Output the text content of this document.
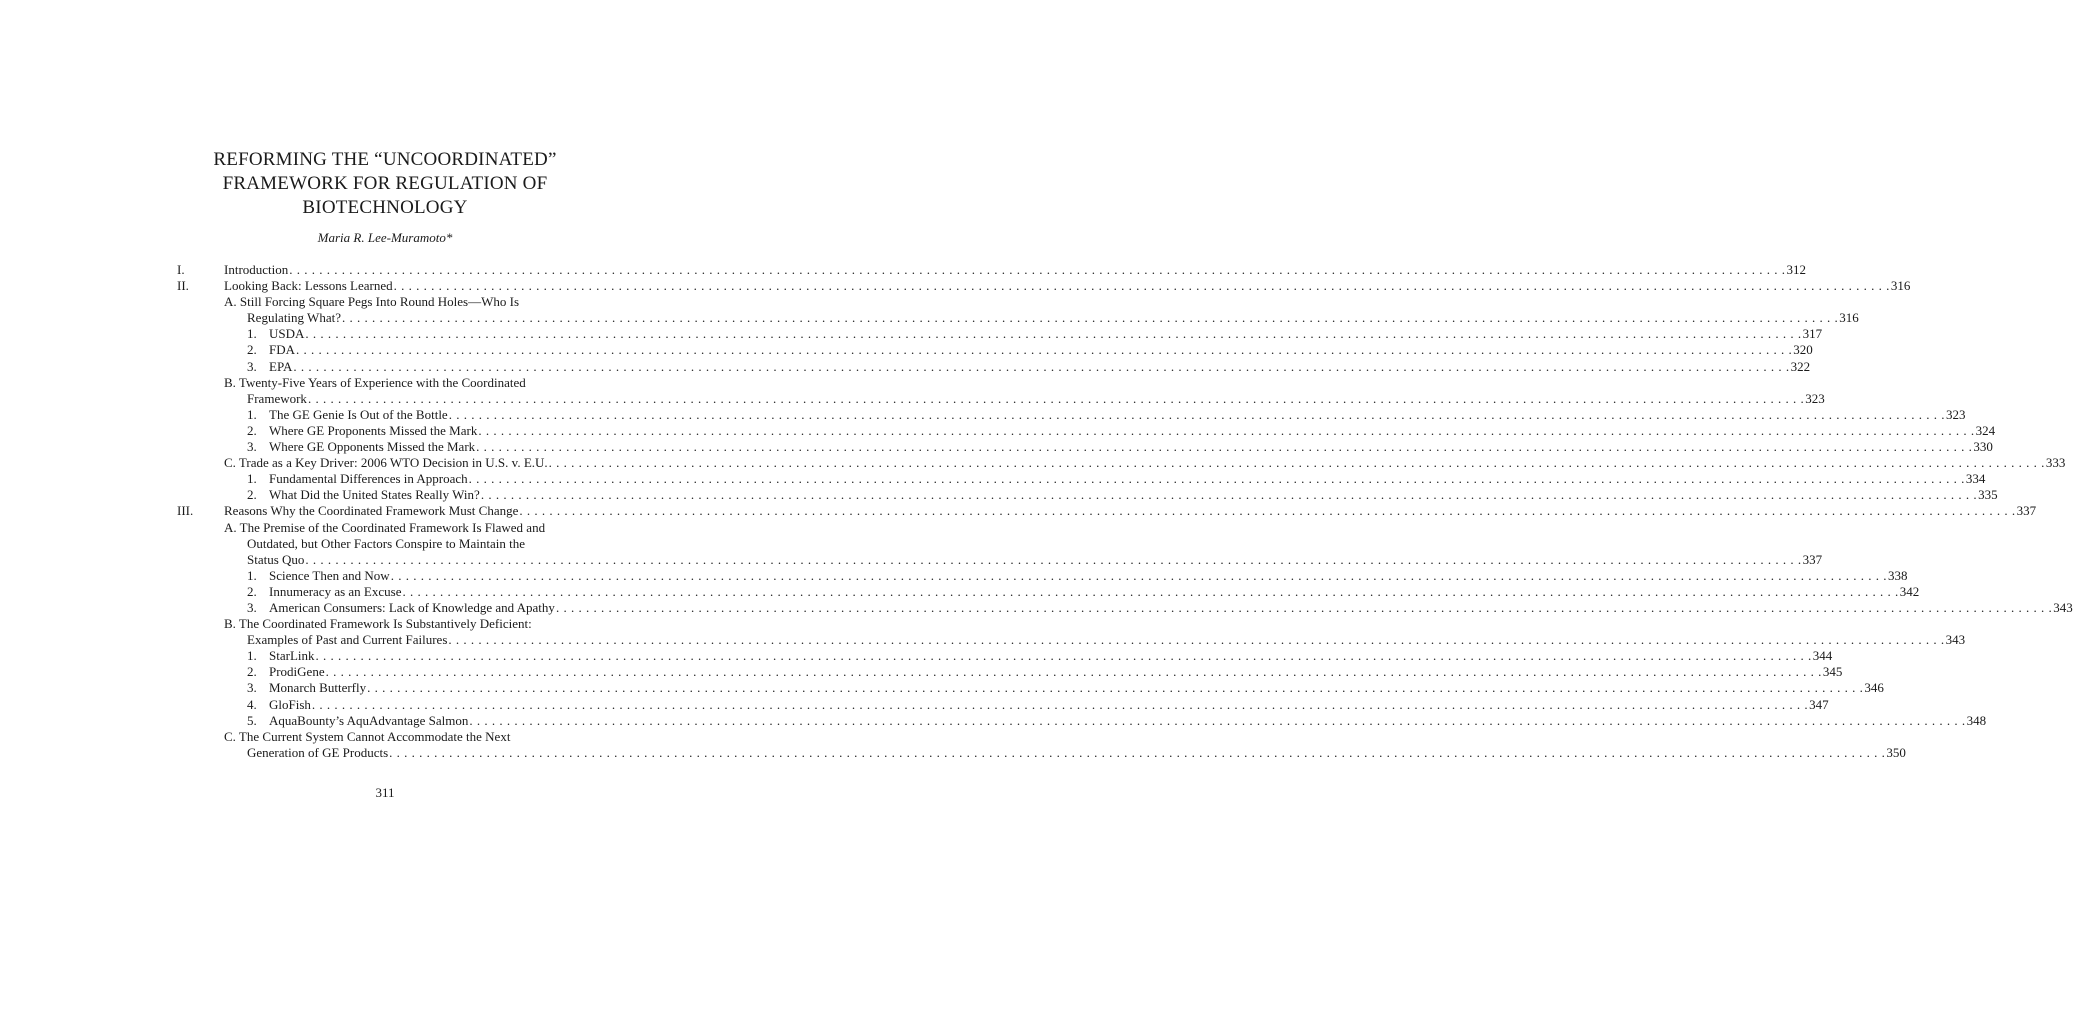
REFORMING THE “UNCOORDINATED”
FRAMEWORK FOR REGULATION OF
BIOTECHNOLOGY
Maria R. Lee-Muramoto*
I.	Introduction . . . . . . . . . . . . . . . . . . . . . . . . . . . . . . . . . . . . . . . . . . . . . . . . . . . . . . . . . . . . . . . . . . . . . . . . . . . . . . . . . . . . . . . . . . . . . . . . . . . . . . . . . . . . . . . . . . . . . . . . . . . . . . . . . . . . . . . . . . . . . . . . . . . . . . . . . . . . . . . . . . . . . . . . . . . . . . . . . . . . . . . . . . . . . . . . . . . . . . . . 312
II.	Looking Back: Lessons Learned . . . . . . . . . . . . . . . . . . . . . . . . . . . . . . . . . . . . . . . . . . . . . . . . . . . . . . . . . . . . . . . . . . . . . . . . . . . . . . . . . . . . . . . . . . . . . . . . . . . . . . . . . . . . . . . . . . . . . . . . . . . . . . . . . . . . . . . . . . . . . . . . . . . . . . . . . . . . . . . . . . . . . . . . . . . . . . . . . . . . . . . . . . . . . . . . . . . . . . . . 316
A. Still Forcing Square Pegs Into Round Holes—Who Is
Regulating What? . . . . . . . . . . . . . . . . . . . . . . . . . . . . . . . . . . . . . . . . . . . . . . . . . . . . . . . . . . . . . . . . . . . . . . . . . . . . . . . . . . . . . . . . . . . . . . . . . . . . . . . . . . . . . . . . . . . . . . . . . . . . . . . . . . . . . . . . . . . . . . . . . . . . . . . . . . . . . . . . . . . . . . . . . . . . . . . . . . . . . . . . . . . . . . . . . . . . . . . . 316
1. USDA . . . . . . . . . . . . . . . . . . . . . . . . . . . . . . . . . . . . . . . . . . . . . . . . . . . . . . . . . . . . . . . . . . . . . . . . . . . . . . . . . . . . . . . . . . . . . . . . . . . . . . . . . . . . . . . . . . . . . . . . . . . . . . . . . . . . . . . . . . . . . . . . . . . . . . . . . . . . . . . . . . . . . . . . . . . . . . . . . . . . . . . . . . . . . . . . . . . . . . . . 317
2. FDA . . . . . . . . . . . . . . . . . . . . . . . . . . . . . . . . . . . . . . . . . . . . . . . . . . . . . . . . . . . . . . . . . . . . . . . . . . . . . . . . . . . . . . . . . . . . . . . . . . . . . . . . . . . . . . . . . . . . . . . . . . . . . . . . . . . . . . . . . . . . . . . . . . . . . . . . . . . . . . . . . . . . . . . . . . . . . . . . . . . . . . . . . . . . . . . . . . . . . . . . 320
3. EPA . . . . . . . . . . . . . . . . . . . . . . . . . . . . . . . . . . . . . . . . . . . . . . . . . . . . . . . . . . . . . . . . . . . . . . . . . . . . . . . . . . . . . . . . . . . . . . . . . . . . . . . . . . . . . . . . . . . . . . . . . . . . . . . . . . . . . . . . . . . . . . . . . . . . . . . . . . . . . . . . . . . . . . . . . . . . . . . . . . . . . . . . . . . . . . . . . . . . . . . . 322
B. Twenty-Five Years of Experience with the Coordinated
Framework . . . . . . . . . . . . . . . . . . . . . . . . . . . . . . . . . . . . . . . . . . . . . . . . . . . . . . . . . . . . . . . . . . . . . . . . . . . . . . . . . . . . . . . . . . . . . . . . . . . . . . . . . . . . . . . . . . . . . . . . . . . . . . . . . . . . . . . . . . . . . . . . . . . . . . . . . . . . . . . . . . . . . . . . . . . . . . . . . . . . . . . . . . . . . . . . . . . . . . . . 323
1. The GE Genie Is Out of the Bottle . . . . . . . . . . . . . . . . . . . . . . . . . . . . . . . . . . . . . . . . . . . . . . . . . . . . . . . . . . . . . . . . . . . . . . . . . . . . . . . . . . . . . . . . . . . . . . . . . . . . . . . . . . . . . . . . . . . . . . . . . . . . . . . . . . . . . . . . . . . . . . . . . . . . . . . . . . . . . . . . . . . . . . . . . . . . . . . . . . . . . . . . . . . . . . . . . . . . . . . . 323
2. Where GE Proponents Missed the Mark . . . . . . . . . . . . . . . . . . . . . . . . . . . . . . . . . . . . . . . . . . . . . . . . . . . . . . . . . . . . . . . . . . . . . . . . . . . . . . . . . . . . . . . . . . . . . . . . . . . . . . . . . . . . . . . . . . . . . . . . . . . . . . . . . . . . . . . . . . . . . . . . . . . . . . . . . . . . . . . . . . . . . . . . . . . . . . . . . . . . . . . . . . . . . . . . . . . . . . . . 324
3. Where GE Opponents Missed the Mark . . . . . . . . . . . . . . . . . . . . . . . . . . . . . . . . . . . . . . . . . . . . . . . . . . . . . . . . . . . . . . . . . . . . . . . . . . . . . . . . . . . . . . . . . . . . . . . . . . . . . . . . . . . . . . . . . . . . . . . . . . . . . . . . . . . . . . . . . . . . . . . . . . . . . . . . . . . . . . . . . . . . . . . . . . . . . . . . . . . . . . . . . . . . . . . . . . . . . . . . 330
C. Trade as a Key Driver: 2006 WTO Decision in U.S. v. E.U. . . . . . . . . . . . . . . . . . . . . . . . . . . . . . . . . . . . . . . . . . . . . . . . . . . . . . . . . . . . . . . . . . . . . . . . . . . . . . . . . . . . . . . . . . . . . . . . . . . . . . . . . . . . . . . . . . . . . . . . . . . . . . . . . . . . . . . . . . . . . . . . . . . . . . . . . . . . . . . . . . . . . . . . . . . . . . . . . . . . . . . . . . . . . . . . . . . . . . . . . 333
1. Fundamental Differences in Approach . . . . . . . . . . . . . . . . . . . . . . . . . . . . . . . . . . . . . . . . . . . . . . . . . . . . . . . . . . . . . . . . . . . . . . . . . . . . . . . . . . . . . . . . . . . . . . . . . . . . . . . . . . . . . . . . . . . . . . . . . . . . . . . . . . . . . . . . . . . . . . . . . . . . . . . . . . . . . . . . . . . . . . . . . . . . . . . . . . . . . . . . . . . . . . . . . . . . . . . . 334
2. What Did the United States Really Win? . . . . . . . . . . . . . . . . . . . . . . . . . . . . . . . . . . . . . . . . . . . . . . . . . . . . . . . . . . . . . . . . . . . . . . . . . . . . . . . . . . . . . . . . . . . . . . . . . . . . . . . . . . . . . . . . . . . . . . . . . . . . . . . . . . . . . . . . . . . . . . . . . . . . . . . . . . . . . . . . . . . . . . . . . . . . . . . . . . . . . . . . . . . . . . . . . . . . . . . . 335
III. Reasons Why the Coordinated Framework Must Change . . . . . . . . . . . . . . . . . . . . . . . . . . . . . . . . . . . . . . . . . . . . . . . . . . . . . . . . . . . . . . . . . . . . . . . . . . . . . . . . . . . . . . . . . . . . . . . . . . . . . . . . . . . . . . . . . . . . . . . . . . . . . . . . . . . . . . . . . . . . . . . . . . . . . . . . . . . . . . . . . . . . . . . . . . . . . . . . . . . . . . . . . . . . . . . . . . . . . . . . 337
A. The Premise of the Coordinated Framework Is Flawed and
Outdated, but Other Factors Conspire to Maintain the
Status Quo . . . . . . . . . . . . . . . . . . . . . . . . . . . . . . . . . . . . . . . . . . . . . . . . . . . . . . . . . . . . . . . . . . . . . . . . . . . . . . . . . . . . . . . . . . . . . . . . . . . . . . . . . . . . . . . . . . . . . . . . . . . . . . . . . . . . . . . . . . . . . . . . . . . . . . . . . . . . . . . . . . . . . . . . . . . . . . . . . . . . . . . . . . . . . . . . . . . . . . . . 337
1. Science Then and Now . . . . . . . . . . . . . . . . . . . . . . . . . . . . . . . . . . . . . . . . . . . . . . . . . . . . . . . . . . . . . . . . . . . . . . . . . . . . . . . . . . . . . . . . . . . . . . . . . . . . . . . . . . . . . . . . . . . . . . . . . . . . . . . . . . . . . . . . . . . . . . . . . . . . . . . . . . . . . . . . . . . . . . . . . . . . . . . . . . . . . . . . . . . . . . . . . . . . . . . . 338
2. Innumeracy as an Excuse . . . . . . . . . . . . . . . . . . . . . . . . . . . . . . . . . . . . . . . . . . . . . . . . . . . . . . . . . . . . . . . . . . . . . . . . . . . . . . . . . . . . . . . . . . . . . . . . . . . . . . . . . . . . . . . . . . . . . . . . . . . . . . . . . . . . . . . . . . . . . . . . . . . . . . . . . . . . . . . . . . . . . . . . . . . . . . . . . . . . . . . . . . . . . . . . . . . . . . . . 342
3. American Consumers: Lack of Knowledge and Apathy . . . . . . . . . . . . . . . . . . . . . . . . . . . . . . . . . . . . . . . . . . . . . . . . . . . . . . . . . . . . . . . . . . . . . . . . . . . . . . . . . . . . . . . . . . . . . . . . . . . . . . . . . . . . . . . . . . . . . . . . . . . . . . . . . . . . . . . . . . . . . . . . . . . . . . . . . . . . . . . . . . . . . . . . . . . . . . . . . . . . . . . . . . . . . . . . . . . . . . . . 343
B. The Coordinated Framework Is Substantively Deficient:
Examples of Past and Current Failures . . . . . . . . . . . . . . . . . . . . . . . . . . . . . . . . . . . . . . . . . . . . . . . . . . . . . . . . . . . . . . . . . . . . . . . . . . . . . . . . . . . . . . . . . . . . . . . . . . . . . . . . . . . . . . . . . . . . . . . . . . . . . . . . . . . . . . . . . . . . . . . . . . . . . . . . . . . . . . . . . . . . . . . . . . . . . . . . . . . . . . . . . . . . . . . . . . . . . . . . 343
1. StarLink . . . . . . . . . . . . . . . . . . . . . . . . . . . . . . . . . . . . . . . . . . . . . . . . . . . . . . . . . . . . . . . . . . . . . . . . . . . . . . . . . . . . . . . . . . . . . . . . . . . . . . . . . . . . . . . . . . . . . . . . . . . . . . . . . . . . . . . . . . . . . . . . . . . . . . . . . . . . . . . . . . . . . . . . . . . . . . . . . . . . . . . . . . . . . . . . . . . . . . . . 344
2. ProdiGene . . . . . . . . . . . . . . . . . . . . . . . . . . . . . . . . . . . . . . . . . . . . . . . . . . . . . . . . . . . . . . . . . . . . . . . . . . . . . . . . . . . . . . . . . . . . . . . . . . . . . . . . . . . . . . . . . . . . . . . . . . . . . . . . . . . . . . . . . . . . . . . . . . . . . . . . . . . . . . . . . . . . . . . . . . . . . . . . . . . . . . . . . . . . . . . . . . . . . . . . 345
3. Monarch Butterfly . . . . . . . . . . . . . . . . . . . . . . . . . . . . . . . . . . . . . . . . . . . . . . . . . . . . . . . . . . . . . . . . . . . . . . . . . . . . . . . . . . . . . . . . . . . . . . . . . . . . . . . . . . . . . . . . . . . . . . . . . . . . . . . . . . . . . . . . . . . . . . . . . . . . . . . . . . . . . . . . . . . . . . . . . . . . . . . . . . . . . . . . . . . . . . . . . . . . . . . . 346
4. GloFish . . . . . . . . . . . . . . . . . . . . . . . . . . . . . . . . . . . . . . . . . . . . . . . . . . . . . . . . . . . . . . . . . . . . . . . . . . . . . . . . . . . . . . . . . . . . . . . . . . . . . . . . . . . . . . . . . . . . . . . . . . . . . . . . . . . . . . . . . . . . . . . . . . . . . . . . . . . . . . . . . . . . . . . . . . . . . . . . . . . . . . . . . . . . . . . . . . . . . . . . 347
5. AquaBounty’s AquAdvantage Salmon . . . . . . . . . . . . . . . . . . . . . . . . . . . . . . . . . . . . . . . . . . . . . . . . . . . . . . . . . . . . . . . . . . . . . . . . . . . . . . . . . . . . . . . . . . . . . . . . . . . . . . . . . . . . . . . . . . . . . . . . . . . . . . . . . . . . . . . . . . . . . . . . . . . . . . . . . . . . . . . . . . . . . . . . . . . . . . . . . . . . . . . . . . . . . . . . . . . . . . . . 348
C. The Current System Cannot Accommodate the Next
Generation of GE Products . . . . . . . . . . . . . . . . . . . . . . . . . . . . . . . . . . . . . . . . . . . . . . . . . . . . . . . . . . . . . . . . . . . . . . . . . . . . . . . . . . . . . . . . . . . . . . . . . . . . . . . . . . . . . . . . . . . . . . . . . . . . . . . . . . . . . . . . . . . . . . . . . . . . . . . . . . . . . . . . . . . . . . . . . . . . . . . . . . . . . . . . . . . . . . . . . . . . . . . . 350
311
